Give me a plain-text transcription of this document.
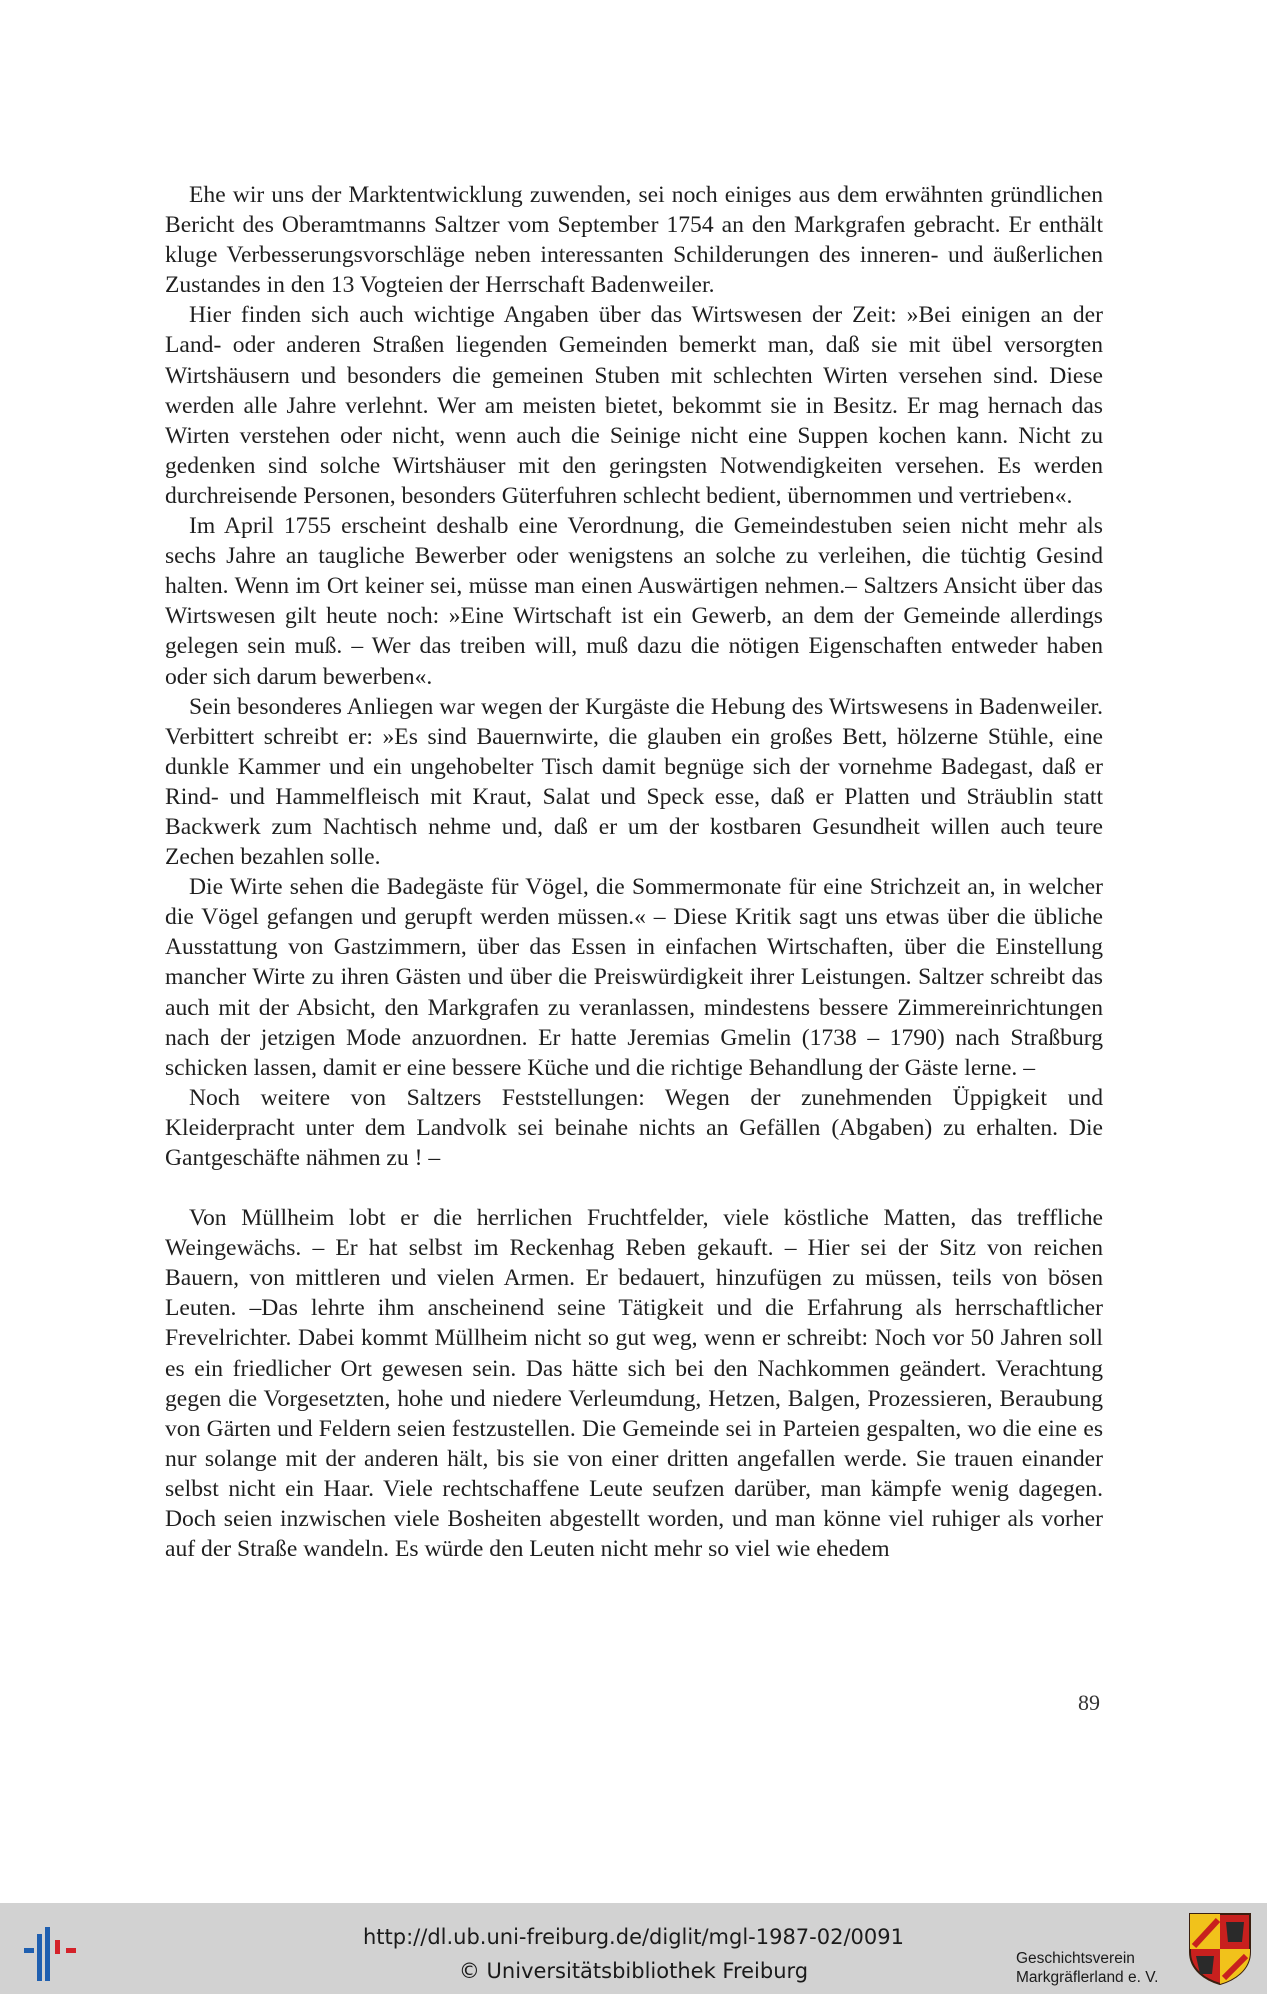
Ehe wir uns der Marktentwicklung zuwenden, sei noch einiges aus dem erwähnten gründlichen Bericht des Oberamtmanns Saltzer vom September 1754 an den Markgrafen gebracht. Er enthält kluge Verbesserungsvorschläge neben interessanten Schilderungen des inneren- und äußerlichen Zustandes in den 13 Vogteien der Herrschaft Badenweiler.

Hier finden sich auch wichtige Angaben über das Wirtswesen der Zeit: »Bei einigen an der Land- oder anderen Straßen liegenden Gemeinden bemerkt man, daß sie mit übel versorgten Wirtshäusern und besonders die gemeinen Stuben mit schlechten Wirten versehen sind. Diese werden alle Jahre verlehnt. Wer am meisten bietet, bekommt sie in Besitz. Er mag hernach das Wirten verstehen oder nicht, wenn auch die Seinige nicht eine Suppen kochen kann. Nicht zu gedenken sind solche Wirtshäuser mit den geringsten Notwendigkeiten versehen. Es werden durchreisende Personen, besonders Güterfuhren schlecht bedient, übernommen und vertrieben«.

Im April 1755 erscheint deshalb eine Verordnung, die Gemeindestuben seien nicht mehr als sechs Jahre an taugliche Bewerber oder wenigstens an solche zu verleihen, die tüchtig Gesind halten. Wenn im Ort keiner sei, müsse man einen Auswärtigen nehmen.– Saltzers Ansicht über das Wirtswesen gilt heute noch: »Eine Wirtschaft ist ein Gewerb, an dem der Gemeinde allerdings gelegen sein muß. – Wer das treiben will, muß dazu die nötigen Eigenschaften entweder haben oder sich darum bewerben«.

Sein besonderes Anliegen war wegen der Kurgäste die Hebung des Wirtswesens in Badenweiler. Verbittert schreibt er: »Es sind Bauernwirte, die glauben ein großes Bett, hölzerne Stühle, eine dunkle Kammer und ein ungehobelter Tisch damit begnüge sich der vornehme Badegast, daß er Rind- und Hammelfleisch mit Kraut, Salat und Speck esse, daß er Platten und Sträublin statt Backwerk zum Nachtisch nehme und, daß er um der kostbaren Gesundheit willen auch teure Zechen bezahlen solle.

Die Wirte sehen die Badegäste für Vögel, die Sommermonate für eine Strichzeit an, in welcher die Vögel gefangen und gerupft werden müssen.« – Diese Kritik sagt uns etwas über die übliche Ausstattung von Gastzimmern, über das Essen in einfachen Wirtschaften, über die Einstellung mancher Wirte zu ihren Gästen und über die Preiswürdigkeit ihrer Leistungen. Saltzer schreibt das auch mit der Absicht, den Markgrafen zu veranlassen, mindestens bessere Zimmereinrichtungen nach der jetzigen Mode anzuordnen. Er hatte Jeremias Gmelin (1738 – 1790) nach Straßburg schicken lassen, damit er eine bessere Küche und die richtige Behandlung der Gäste lerne. –

Noch weitere von Saltzers Feststellungen: Wegen der zunehmenden Üppigkeit und Kleiderpracht unter dem Landvolk sei beinahe nichts an Gefällen (Abgaben) zu erhalten. Die Gantgeschäfte nähmen zu ! –

Von Müllheim lobt er die herrlichen Fruchtfelder, viele köstliche Matten, das treffliche Weingewächs. – Er hat selbst im Reckenhag Reben gekauft. – Hier sei der Sitz von reichen Bauern, von mittleren und vielen Armen. Er bedauert, hinzufügen zu müssen, teils von bösen Leuten. –Das lehrte ihm anscheinend seine Tätigkeit und die Erfahrung als herrschaftlicher Frevelrichter. Dabei kommt Müllheim nicht so gut weg, wenn er schreibt: Noch vor 50 Jahren soll es ein friedlicher Ort gewesen sein. Das hätte sich bei den Nachkommen geändert. Verachtung gegen die Vorgesetzten, hohe und niedere Verleumdung, Hetzen, Balgen, Prozessieren, Beraubung von Gärten und Feldern seien festzustellen. Die Gemeinde sei in Parteien gespalten, wo die eine es nur solange mit der anderen hält, bis sie von einer dritten angefallen werde. Sie trauen einander selbst nicht ein Haar. Viele rechtschaffene Leute seufzen darüber, man kämpfe wenig dagegen. Doch seien inzwischen viele Bosheiten abgestellt worden, und man könne viel ruhiger als vorher auf der Straße wandeln. Es würde den Leuten nicht mehr so viel wie ehedem

89
http://dl.ub.uni-freiburg.de/diglit/mgl-1987-02/0091
© Universitätsbibliothek Freiburg
Geschichtsverein
Markgräflerland e. V.
